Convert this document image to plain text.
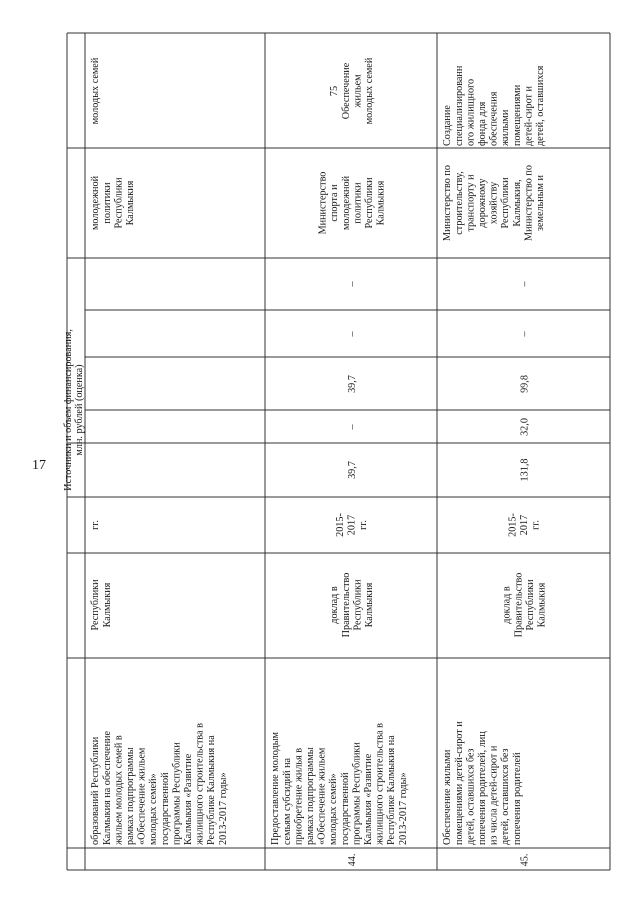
17 Источники и объем финансирования, млн. рублей (оценка)
образований РеспубликиКалмыкия на обеспечениежильем молодых семей врамках подпрограммы«Обеспечение жильеммолодых семей»государственнойпрограммы РеспубликиКалмыкия «Развитиежилищного строительства вРеспублике Калмыкия на2013-2017 годы»
РеспубликиКалмыкия
гг.
молодежнойполитикиРеспубликиКалмыкия
молодых семей
44.
Предоставление молодымсемьям субсидий наприобретение жилья врамках подпрограммы«Обеспечение жильеммолодых семей»государственнойпрограммы РеспубликиКалмыкия «Развитиежилищного строительства вРеспублике Калмыкия на2013-2017 годы»
доклад вПравительствоРеспубликиКалмыкия
2015-2017гг.
39,7
–
39,7
–
–
Министерствоспорта имолодежнойполитикиРеспубликиКалмыкия
75Обеспечениежильеммолодых семей
45.
Обеспечение жилымипомещениями детей-сирот идетей, оставшихся безпопечения родителей, лициз числа детей-сирот идетей, оставшихся безпопечения родителей
доклад вПравительствоРеспубликиКалмыкия
2015-2017гг.
131,8
32,0
99,8
–
–
Министерство построительству,транспорту идорожномухозяйствуРеспубликиКалмыкия,Министерство поземельным и
Созданиеспециализированного жилищногофонда дляобеспеченияжилымипомещениямидетей-сирот идетей, оставшихся
